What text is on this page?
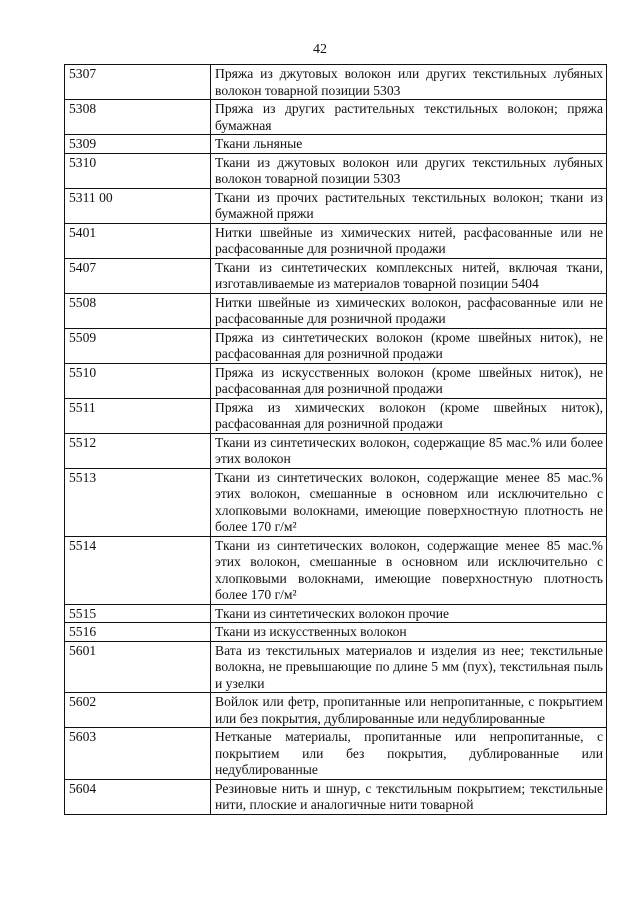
42
5307	Пряжа из джутовых волокон или других текстильных лубяных волокон товарной позиции 5303
5308	Пряжа из других растительных текстильных волокон; пряжа бумажная
5309	Ткани льняные
5310	Ткани из джутовых волокон или других текстильных лубяных волокон товарной позиции 5303
5311 00	Ткани из прочих растительных текстильных волокон; ткани из бумажной пряжи
5401	Нитки швейные из химических нитей, расфасованные или не расфасованные для розничной продажи
5407	Ткани из синтетических комплексных нитей, включая ткани, изготавливаемые из материалов товарной позиции 5404
5508	Нитки швейные из химических волокон, расфасованные или не расфасованные для розничной продажи
5509	Пряжа из синтетических волокон (кроме швейных ниток), не расфасованная для розничной продажи
5510	Пряжа из искусственных волокон (кроме швейных ниток), не расфасованная для розничной продажи
5511	Пряжа из химических волокон (кроме швейных ниток), расфасованная для розничной продажи
5512	Ткани из синтетических волокон, содержащие 85 мас.% или более этих волокон
5513	Ткани из синтетических волокон, содержащие менее 85 мас.% этих волокон, смешанные в основном или исключительно с хлопковыми волокнами, имеющие поверхностную плотность не более 170 г/м²
5514	Ткани из синтетических волокон, содержащие менее 85 мас.% этих волокон, смешанные в основном или исключительно с хлопковыми волокнами, имеющие поверхностную плотность более 170 г/м²
5515	Ткани из синтетических волокон прочие
5516	Ткани из искусственных волокон
5601	Вата из текстильных материалов и изделия из нее; текстильные волокна, не превышающие по длине 5 мм (пух), текстильная пыль и узелки
5602	Войлок или фетр, пропитанные или непропитанные, с покрытием или без покрытия, дублированные или недублированные
5603	Нетканые материалы, пропитанные или непропитанные, с покрытием или без покрытия, дублированные или недублированные
5604	Резиновые нить и шнур, с текстильным покрытием; текстильные нити, плоские и аналогичные нити товарной
